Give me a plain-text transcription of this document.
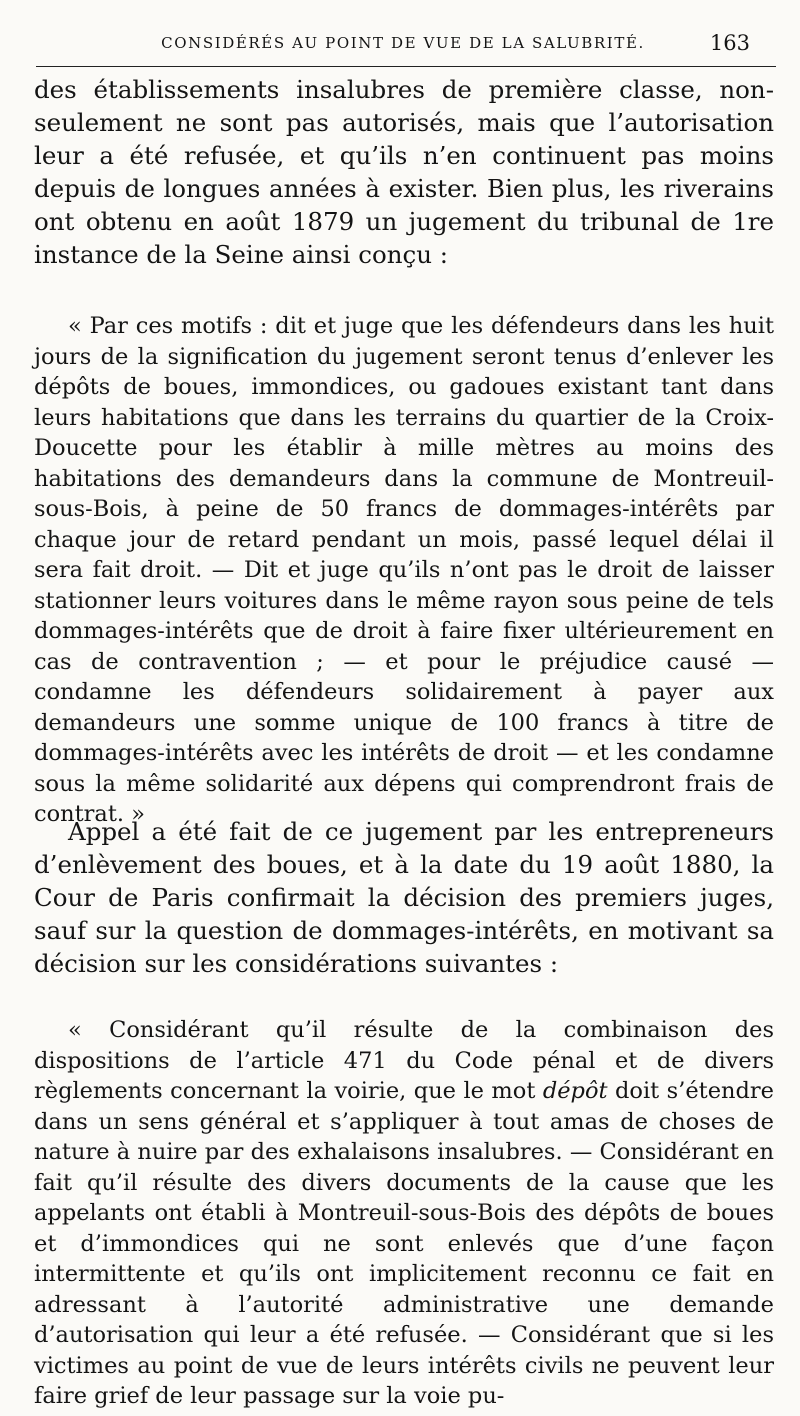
CONSIDÉRÉS AU POINT DE VUE DE LA SALUBRITÉ.	163

des établissements insalubres de première classe, non-seulement ne sont pas autorisés, mais que l’autorisation leur a été refusée, et qu’ils n’en continuent pas moins depuis de longues années à exister. Bien plus, les riverains ont obtenu en août 1879 un jugement du tribunal de 1re instance de la Seine ainsi conçu :

« Par ces motifs : dit et juge que les défendeurs dans les huit jours de la signification du jugement seront tenus d’enlever les dépôts de boues, immondices, ou gadoues existant tant dans leurs habitations que dans les terrains du quartier de la Croix-Doucette pour les établir à mille mètres au moins des habitations des demandeurs dans la commune de Montreuil-sous-Bois, à peine de 50 francs de dommages-intérêts par chaque jour de retard pendant un mois, passé lequel délai il sera fait droit. — Dit et juge qu’ils n’ont pas le droit de laisser stationner leurs voitures dans le même rayon sous peine de tels dommages-intérêts que de droit à faire fixer ultérieurement en cas de contravention ; — et pour le préjudice causé — condamne les défendeurs solidairement à payer aux demandeurs une somme unique de 100 francs à titre de dommages-intérêts avec les intérêts de droit — et les condamne sous la même solidarité aux dépens qui comprendront frais de contrat. »

Appel a été fait de ce jugement par les entrepreneurs d’enlèvement des boues, et à la date du 19 août 1880, la Cour de Paris confirmait la décision des premiers juges, sauf sur la question de dommages-intérêts, en motivant sa décision sur les considérations suivantes :

« Considérant qu’il résulte de la combinaison des dispositions de l’article 471 du Code pénal et de divers règlements concernant la voirie, que le mot dépôt doit s’étendre dans un sens général et s’appliquer à tout amas de choses de nature à nuire par des exhalaisons insalubres. — Considérant en fait qu’il résulte des divers documents de la cause que les appelants ont établi à Montreuil-sous-Bois des dépôts de boues et d’immondices qui ne sont enlevés que d’une façon intermittente et qu’ils ont implicitement reconnu ce fait en adressant à l’autorité administrative une demande d’autorisation qui leur a été refusée. — Considérant que si les victimes au point de vue de leurs intérêts civils ne peuvent leur faire grief de leur passage sur la voie pu-
